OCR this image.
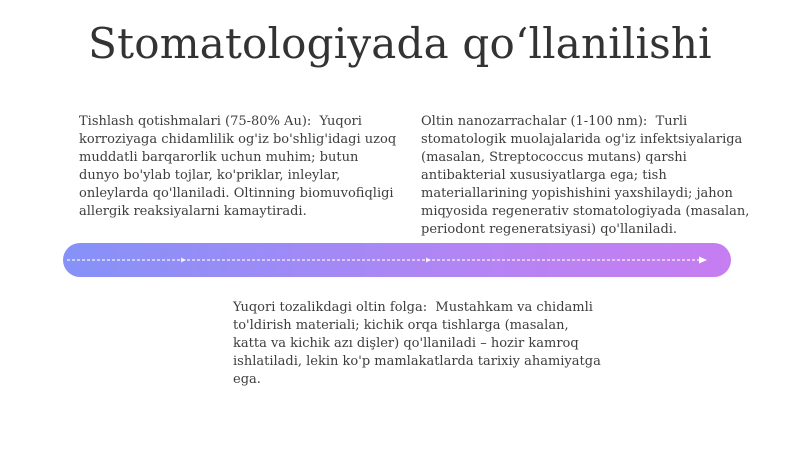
Stomatologiyada qo‘llanilishi
Tishlash qotishmalari (75-80% Au):  Yuqori korroziyaga chidamlilik og'iz bo'shlig'idagi uzoq muddatli barqarorlik uchun muhim; butun dunyo bo'ylab tojlar, ko'priklar, inleylar, onleylarda qo'llaniladi. Oltinning biomuvofiqligi allergik reaksiyalarni kamaytiradi.
Oltin nanozarrachalar (1-100 nm):  Turli stomatologik muolajalarida og'iz infektsiyalariga (masalan, Streptococcus mutans) qarshi antibakterial xususiyatlarga ega; tish materiallarining yopishishini yaxshilaydi; jahon miqyosida regenerativ stomatologiyada (masalan, periodont regeneratsiyasi) qo'llaniladi.
Yuqori tozalikdagi oltin folga:  Mustahkam va chidamli to'ldirish materiali; kichik orqa tishlarga (masalan, katta va kichik azı dişler) qo'llaniladi – hozir kamroq ishlatiladi, lekin ko'p mamlakatlarda tarixiy ahamiyatga ega.
